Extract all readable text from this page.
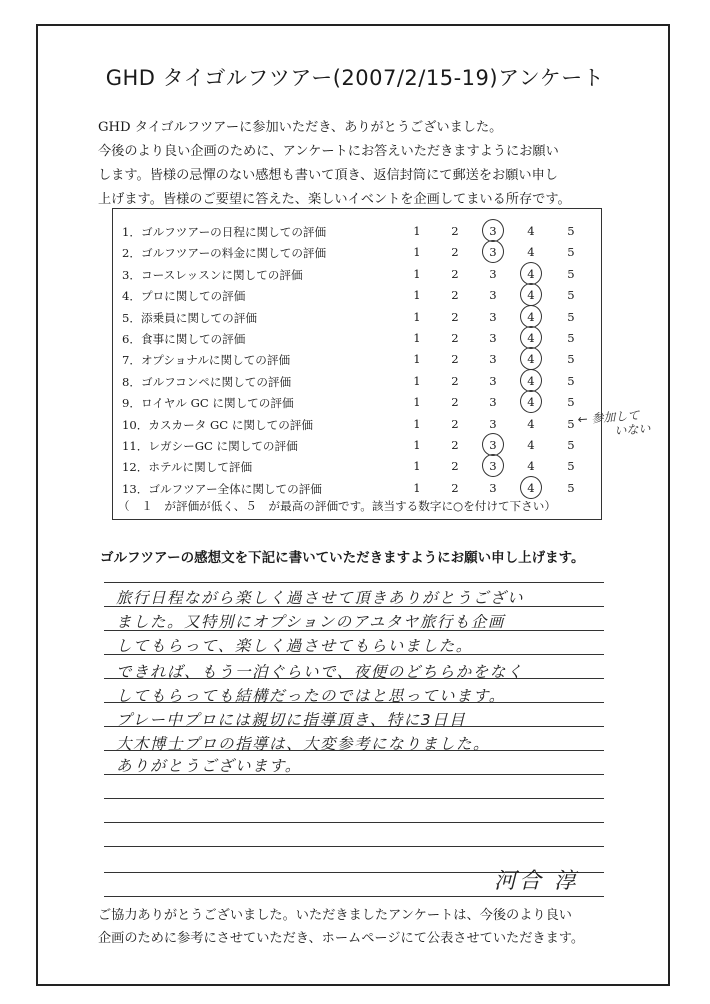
GHD タイゴルフツアー(2007/2/15-19)アンケート
GHD タイゴルフツアーに参加いただき、ありがとうございました。
今後のより良い企画のために、アンケートにお答えいただきますようにお願い
します。皆様の忌憚のない感想も書いて頂き、返信封筒にて郵送をお願い申し
上げます。皆様のご要望に答えた、楽しいイベントを企画してまいる所存です。
1．ゴルフツアーの日程に関しての評価	1	2	3	4	5
2．ゴルフツアーの料金に関しての評価	1	2	3	4	5
3．コースレッスンに関しての評価	1	2	3	4	5
4．プロに関しての評価	1	2	3	4	5
5．添乗員に関しての評価	1	2	3	4	5
6．食事に関しての評価	1	2	3	4	5
7．オプショナルに関しての評価	1	2	3	4	5
8．ゴルフコンペに関しての評価	1	2	3	4	5
9．ロイヤル GC に関しての評価	1	2	3	4	5
10．カスカータ GC に関しての評価	1	2	3	4	5
11．レガシーGC に関しての評価	1	2	3	4	5
12．ホテルに関して評価	1	2	3	4	5
13．ゴルフツアー全体に関しての評価	1	2	3	4	5
← 参加して
いない
（　１　が評価が低く、５　が最高の評価です。該当する数字に○を付けて下さい）
ゴルフツアーの感想文を下記に書いていただきますようにお願い申し上げます。
旅行日程ながら楽しく過させて頂きありがとうござい
ました。又特別にオプションのアユタヤ旅行も企画
してもらって、楽しく過させてもらいました。
できれば、もう一泊ぐらいで、夜便のどちらかをなく
してもらっても結構だったのではと思っています。
プレー中プロには親切に指導頂き、特に3日目
大木博士プロの指導は、大変参考になりました。
ありがとうございます。
河合 淳
ご協力ありがとうございました。いただきましたアンケートは、今後のより良い
企画のために参考にさせていただき、ホームページにて公表させていただきます。
